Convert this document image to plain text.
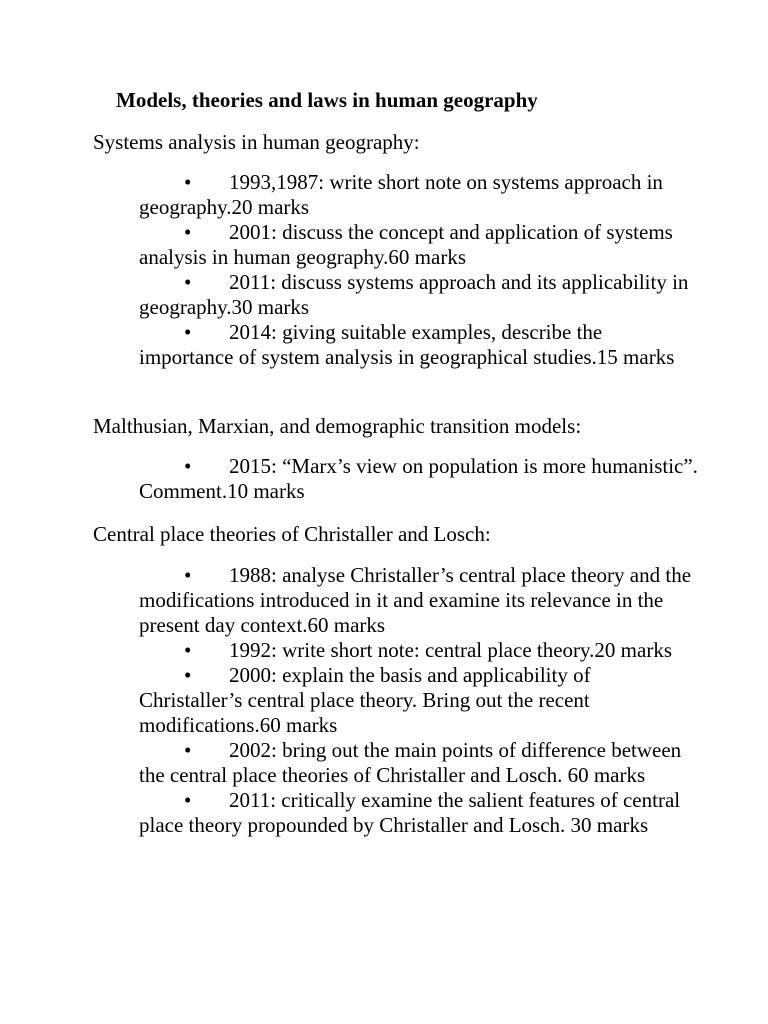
Models, theories and laws in human geography
Systems analysis in human geography:
• 1993,1987: write short note on systems approach in geography.20 marks
• 2001: discuss the concept and application of systems analysis in human geography.60 marks
• 2011: discuss systems approach and its applicability in geography.30 marks
• 2014: giving suitable examples, describe the importance of system analysis in geographical studies.15 marks
Malthusian, Marxian, and demographic transition models:
• 2015: “Marx’s view on population is more humanistic”. Comment.10 marks
Central place theories of Christaller and Losch:
• 1988: analyse Christaller’s central place theory and the modifications introduced in it and examine its relevance in the present day context.60 marks
• 1992: write short note: central place theory.20 marks
• 2000: explain the basis and applicability of Christaller’s central place theory. Bring out the recent modifications.60 marks
• 2002: bring out the main points of difference between the central place theories of Christaller and Losch. 60 marks
• 2011: critically examine the salient features of central place theory propounded by Christaller and Losch. 30 marks
